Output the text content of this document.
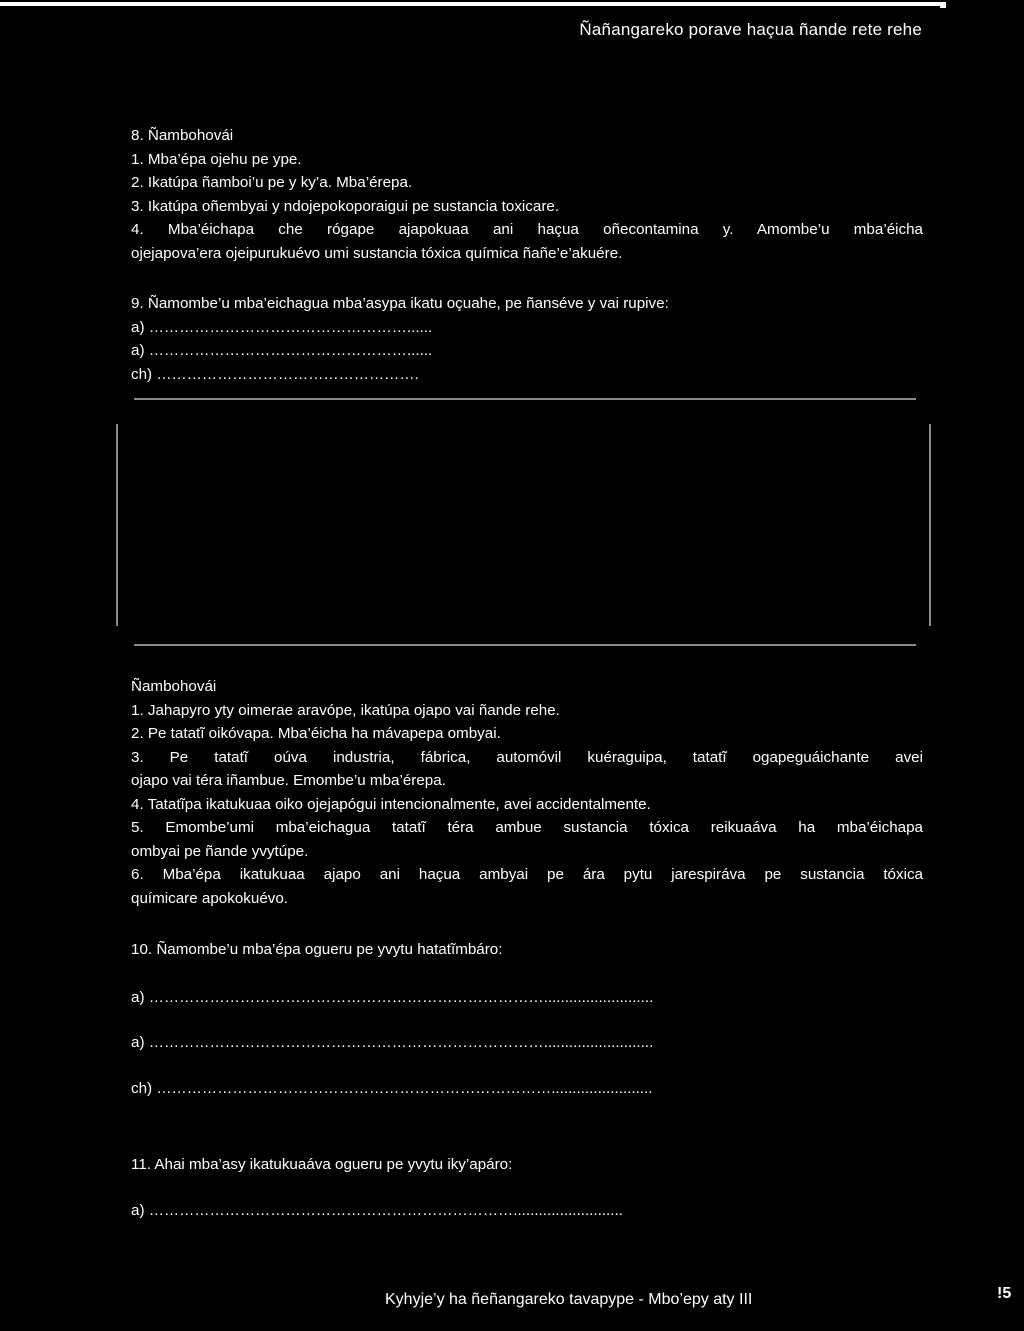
Ñañangareko porave haçua ñande rete rehe

8. Ñambohovái

1. Mba’épa ojehu pe ype.

2. Ikatúpa ñamboi’u pe y ky’a. Mba’érepa.

3. Ikatúpa oñembyai y ndojepokoporaigui pe sustancia toxicare.

4. Mba’éichapa che rógape ajapokuaa ani haçua oñecontamina y. Amombe’u mba’éicha

ojejapova’era ojeipurukuévo umi sustancia tóxica química ñañe’e’akuére.

9. Ñamombe’u mba’eichagua mba’asypa ikatu oçuahe, pe ñanséve y vai rupive:

a) ……………………………………………......

a) ……………………………………………......

ch) …………………………………………….

Ñambohovái

1. Jahapyro yty oimerae aravópe, ikatúpa ojapo vai ñande rehe.

2. Pe tatatĩ oikóvapa. Mba’éicha ha mávapepa ombyai.

3. Pe tatatĩ oúva industria, fábrica, automóvil kuéraguipa, tatatĩ ogapeguáichante avei

ojapo vai téra iñambue. Emombe’u mba’érepa.

4. Tatatĩpa ikatukuaa oiko ojejapógui intencionalmente, avei accidentalmente.

5. Emombe’umi mba’eichagua tatatĩ téra ambue sustancia tóxica reikuaáva ha mba’éichapa

ombyai pe ñande yvytúpe.

6. Mba’épa ikatukuaa ajapo ani haçua ambyai pe ára pytu jarespirávа pe sustancia tóxica

químicare apokokuévo.

10. Ñamombe’u mba’épa ogueru pe yvytu hatatĩmbáro:

a) ……………………………………………………………………..........................

a) ……………………………………………………………………..........................

ch) ……………………………………………………………………........................

11. Ahai mba’asy ikatukuaáva ogueru pe yvytu iky’apáro:

a) ………………………………………………………………..........................

Kyhyje’y ha ñeñangareko tavapype - Mbo’epy aty III	!5
